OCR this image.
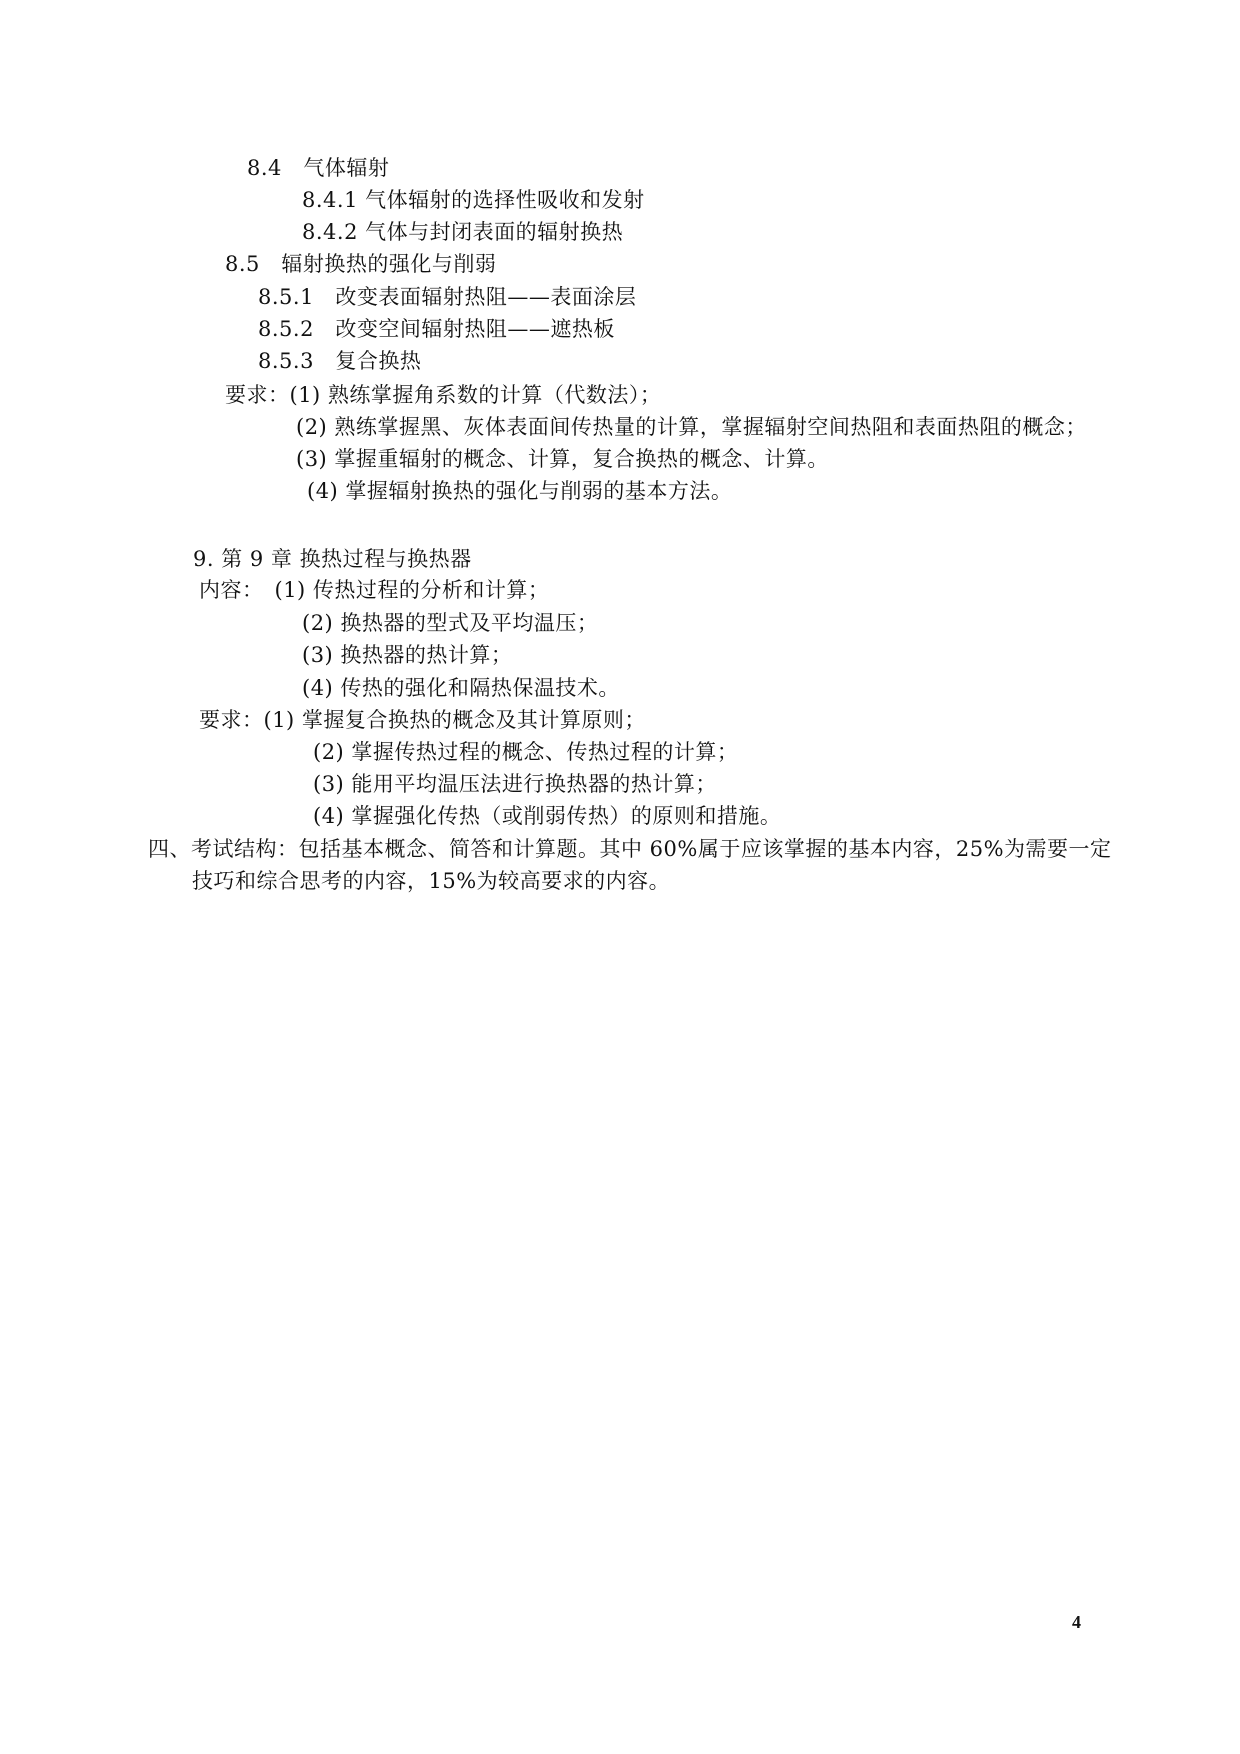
8.4　气体辐射
8.4.1 气体辐射的选择性吸收和发射
8.4.2 气体与封闭表面的辐射换热
8.5　辐射换热的强化与削弱
8.5.1　改变表面辐射热阻——表面涂层
8.5.2　改变空间辐射热阻——遮热板
8.5.3　复合换热
要求：(1) 熟练掌握角系数的计算（代数法）；
(2) 熟练掌握黑、灰体表面间传热量的计算，掌握辐射空间热阻和表面热阻的概念；
(3) 掌握重辐射的概念、计算，复合换热的概念、计算。
(4) 掌握辐射换热的强化与削弱的基本方法。
9. 第 9 章 换热过程与换热器
内容：　(1) 传热过程的分析和计算；
(2) 换热器的型式及平均温压；
(3) 换热器的热计算；
(4) 传热的强化和隔热保温技术。
要求：(1) 掌握复合换热的概念及其计算原则；
(2) 掌握传热过程的概念、传热过程的计算；
(3) 能用平均温压法进行换热器的热计算；
(4) 掌握强化传热（或削弱传热）的原则和措施。
四、考试结构：包括基本概念、简答和计算题。其中 60%属于应该掌握的基本内容，25%为需要一定
技巧和综合思考的内容，15%为较高要求的内容。
4
